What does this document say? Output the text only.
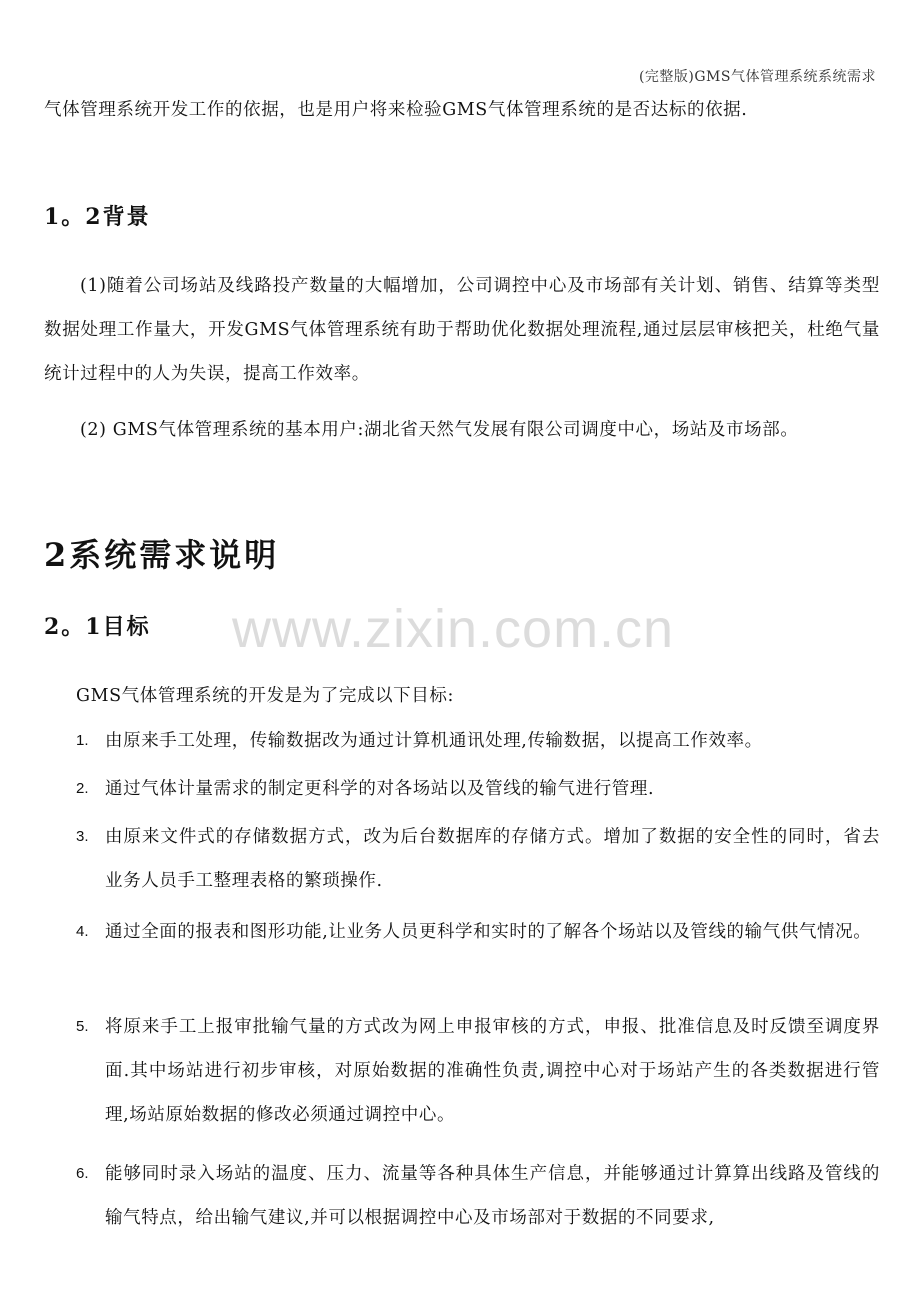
(完整版)GMS气体管理系统系统需求

气体管理系统开发工作的依据，也是用户将来检验GMS气体管理系统的是否达标的依据.

1。2背景

(1)随着公司场站及线路投产数量的大幅增加，公司调控中心及市场部有关计划、销售、结算等类型数据处理工作量大，开发GMS气体管理系统有助于帮助优化数据处理流程,通过层层审核把关，杜绝气量统计过程中的人为失误，提高工作效率。

(2) GMS气体管理系统的基本用户:湖北省天然气发展有限公司调度中心，场站及市场部。

2系统需求说明
2。1目标 www.zixin.com.cn

GMS气体管理系统的开发是为了完成以下目标:

1. 由原来手工处理，传输数据改为通过计算机通讯处理,传输数据，以提高工作效率。
2. 通过气体计量需求的制定更科学的对各场站以及管线的输气进行管理.
3. 由原来文件式的存储数据方式，改为后台数据库的存储方式。增加了数据的安全性的同时，省去业务人员手工整理表格的繁琐操作.
4. 通过全面的报表和图形功能,让业务人员更科学和实时的了解各个场站以及管线的输气供气情况。
5. 将原来手工上报审批输气量的方式改为网上申报审核的方式，申报、批准信息及时反馈至调度界面.其中场站进行初步审核，对原始数据的准确性负责,调控中心对于场站产生的各类数据进行管理,场站原始数据的修改必须通过调控中心。
6. 能够同时录入场站的温度、压力、流量等各种具体生产信息，并能够通过计算算出线路及管线的输气特点，给出输气建议,并可以根据调控中心及市场部对于数据的不同要求,
